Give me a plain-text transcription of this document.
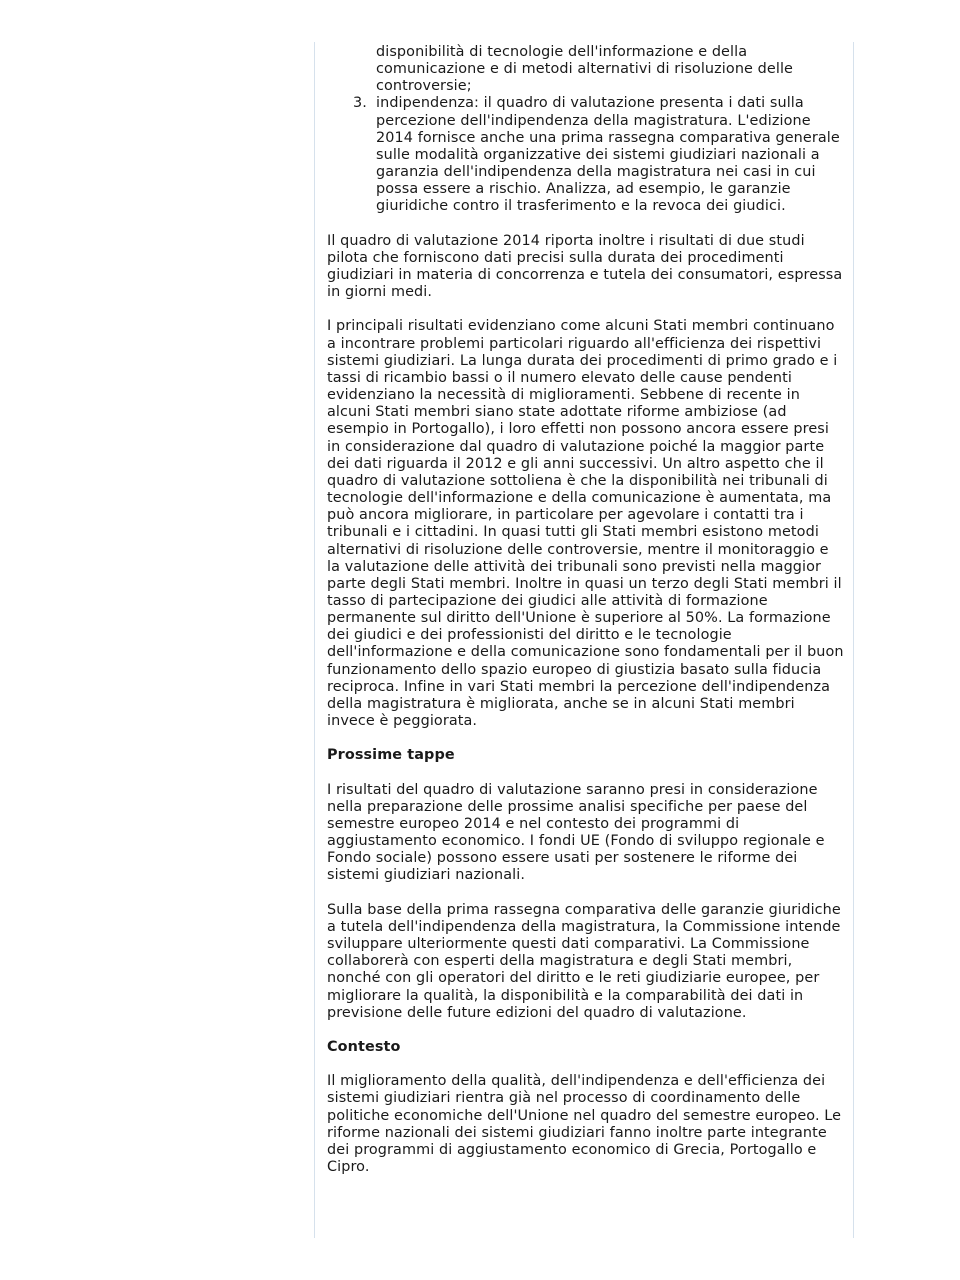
disponibilità di tecnologie dell'informazione e della comunicazione e di metodi alternativi di risoluzione delle controversie;
3. indipendenza: il quadro di valutazione presenta i dati sulla percezione dell'indipendenza della magistratura. L'edizione 2014 fornisce anche una prima rassegna comparativa generale sulle modalità organizzative dei sistemi giudiziari nazionali a garanzia dell'indipendenza della magistratura nei casi in cui possa essere a rischio. Analizza, ad esempio, le garanzie giuridiche contro il trasferimento e la revoca dei giudici.

Il quadro di valutazione 2014 riporta inoltre i risultati di due studi pilota che forniscono dati precisi sulla durata dei procedimenti giudiziari in materia di concorrenza e tutela dei consumatori, espressa in giorni medi.

I principali risultati evidenziano come alcuni Stati membri continuano a incontrare problemi particolari riguardo all'efficienza dei rispettivi sistemi giudiziari. La lunga durata dei procedimenti di primo grado e i tassi di ricambio bassi o il numero elevato delle cause pendenti evidenziano la necessità di miglioramenti. Sebbene di recente in alcuni Stati membri siano state adottate riforme ambiziose (ad esempio in Portogallo), i loro effetti non possono ancora essere presi in considerazione dal quadro di valutazione poiché la maggior parte dei dati riguarda il 2012 e gli anni successivi. Un altro aspetto che il quadro di valutazione sottoliena è che la disponibilità nei tribunali di tecnologie dell'informazione e della comunicazione è aumentata, ma può ancora migliorare, in particolare per agevolare i contatti tra i tribunali e i cittadini. In quasi tutti gli Stati membri esistono metodi alternativi di risoluzione delle controversie, mentre il monitoraggio e la valutazione delle attività dei tribunali sono previsti nella maggior parte degli Stati membri. Inoltre in quasi un terzo degli Stati membri il tasso di partecipazione dei giudici alle attività di formazione permanente sul diritto dell'Unione è superiore al 50%. La formazione dei giudici e dei professionisti del diritto e le tecnologie dell'informazione e della comunicazione sono fondamentali per il buon funzionamento dello spazio europeo di giustizia basato sulla fiducia reciproca. Infine in vari Stati membri la percezione dell'indipendenza della magistratura è migliorata, anche se in alcuni Stati membri invece è peggiorata.

Prossime tappe

I risultati del quadro di valutazione saranno presi in considerazione nella preparazione delle prossime analisi specifiche per paese del semestre europeo 2014 e nel contesto dei programmi di aggiustamento economico. I fondi UE (Fondo di sviluppo regionale e Fondo sociale) possono essere usati per sostenere le riforme dei sistemi giudiziari nazionali.

Sulla base della prima rassegna comparativa delle garanzie giuridiche a tutela dell'indipendenza della magistratura, la Commissione intende sviluppare ulteriormente questi dati comparativi. La Commissione collaborerà con esperti della magistratura e degli Stati membri, nonché con gli operatori del diritto e le reti giudiziarie europee, per migliorare la qualità, la disponibilità e la comparabilità dei dati in previsione delle future edizioni del quadro di valutazione.

Contesto

Il miglioramento della qualità, dell'indipendenza e dell'efficienza dei sistemi giudiziari rientra già nel processo di coordinamento delle politiche economiche dell'Unione nel quadro del semestre europeo. Le riforme nazionali dei sistemi giudiziari fanno inoltre parte integrante dei programmi di aggiustamento economico di Grecia, Portogallo e Cipro.
